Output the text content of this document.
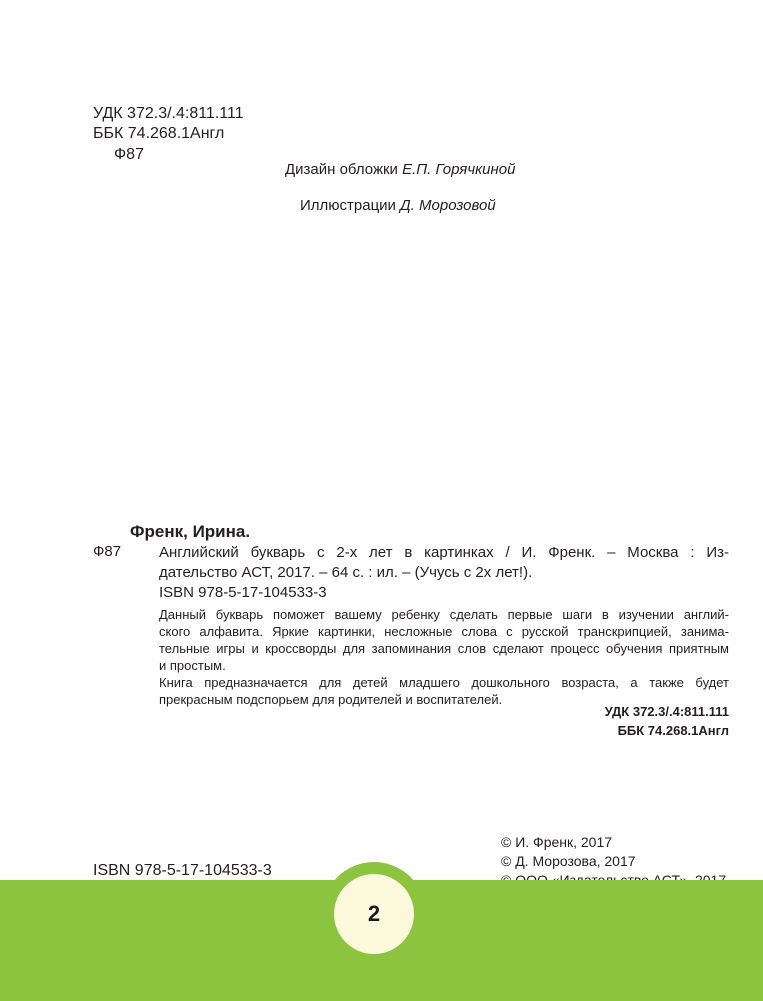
УДК 372.3/.4:811.111
ББК 74.268.1Англ
Ф87
Дизайн обложки Е.П. Горячкиной
Иллюстрации Д. Морозовой
Френк, Ирина.
Ф87	Английский букварь с 2-х лет в картинках / И. Френк. – Москва : Из-
дательство АСТ, 2017. – 64 с. : ил. – (Учусь с 2х лет!).
ISBN 978-5-17-104533-3
Данный букварь поможет вашему ребенку сделать первые шаги в изучении англий-
ского алфавита. Яркие картинки, несложные слова с русской транскрипцией, занима-
тельные игры и кроссворды для запоминания слов сделают процесс обучения приятным
и простым.
Книга предназначается для детей младшего дошкольного возраста, а также будет
прекрасным подспорьем для родителей и воспитателей.
УДК 372.3/.4:811.111
ББК 74.268.1Англ
© И. Френк, 2017
© Д. Морозова, 2017
ISBN 978-5-17-104533-3
2
